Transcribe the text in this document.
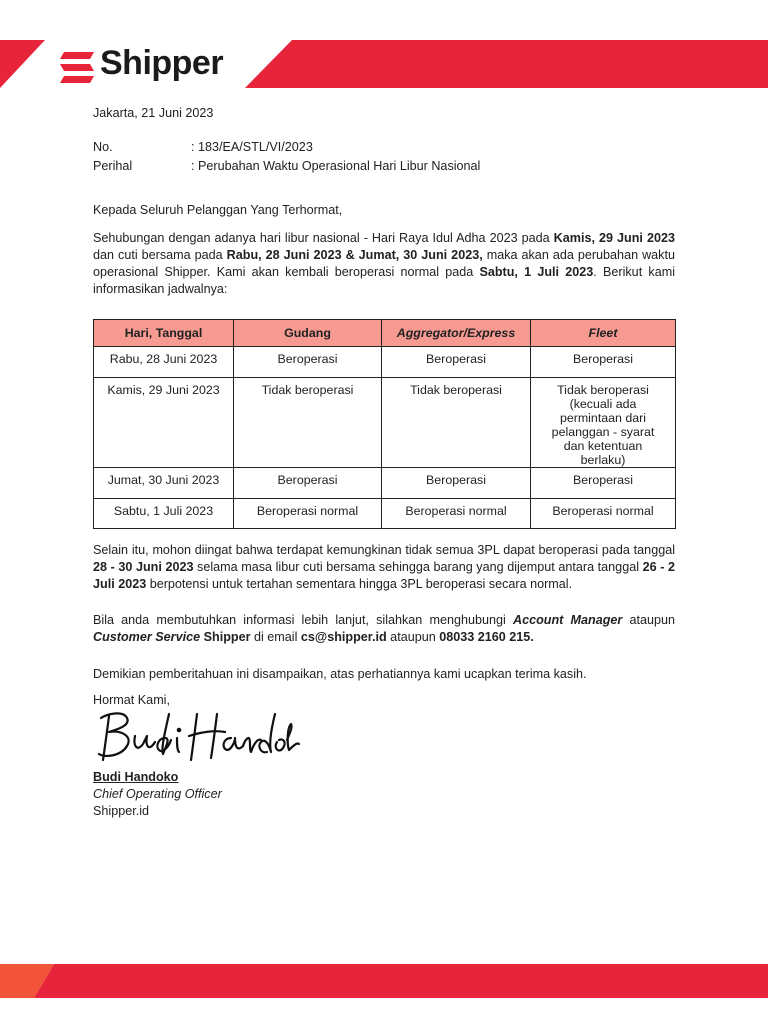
Shipper
Jakarta, 21 Juni 2023
No.	: 183/EA/STL/VI/2023
Perihal	: Perubahan Waktu Operasional Hari Libur Nasional
Kepada Seluruh Pelanggan Yang Terhormat,

Sehubungan dengan adanya hari libur nasional - Hari Raya Idul Adha 2023 pada Kamis, 29 Juni 2023 dan cuti bersama pada Rabu, 28 Juni 2023 & Jumat, 30 Juni 2023, maka akan ada perubahan waktu operasional Shipper. Kami akan kembali beroperasi normal pada Sabtu, 1 Juli 2023. Berikut kami informasikan jadwalnya:

Hari, Tanggal	Gudang	Aggregator/Express	Fleet
Rabu, 28 Juni 2023	Beroperasi	Beroperasi	Beroperasi
Kamis, 29 Juni 2023	Tidak beroperasi	Tidak beroperasi	Tidak beroperasi (kecuali ada permintaan dari pelanggan - syarat dan ketentuan berlaku)
Jumat, 30 Juni 2023	Beroperasi	Beroperasi	Beroperasi
Sabtu, 1 Juli 2023	Beroperasi normal	Beroperasi normal	Beroperasi normal

Selain itu, mohon diingat bahwa terdapat kemungkinan tidak semua 3PL dapat beroperasi pada tanggal 28 - 30 Juni 2023 selama masa libur cuti bersama sehingga barang yang dijemput antara tanggal 26 - 2 Juli 2023 berpotensi untuk tertahan sementara hingga 3PL beroperasi secara normal.

Bila anda membutuhkan informasi lebih lanjut, silahkan menghubungi Account Manager ataupun Customer Service Shipper di email cs@shipper.id ataupun 08033 2160 215.

Demikian pemberitahuan ini disampaikan, atas perhatiannya kami ucapkan terima kasih.
Hormat Kami,
Budi Handoko
Chief Operating Officer
Shipper.id
